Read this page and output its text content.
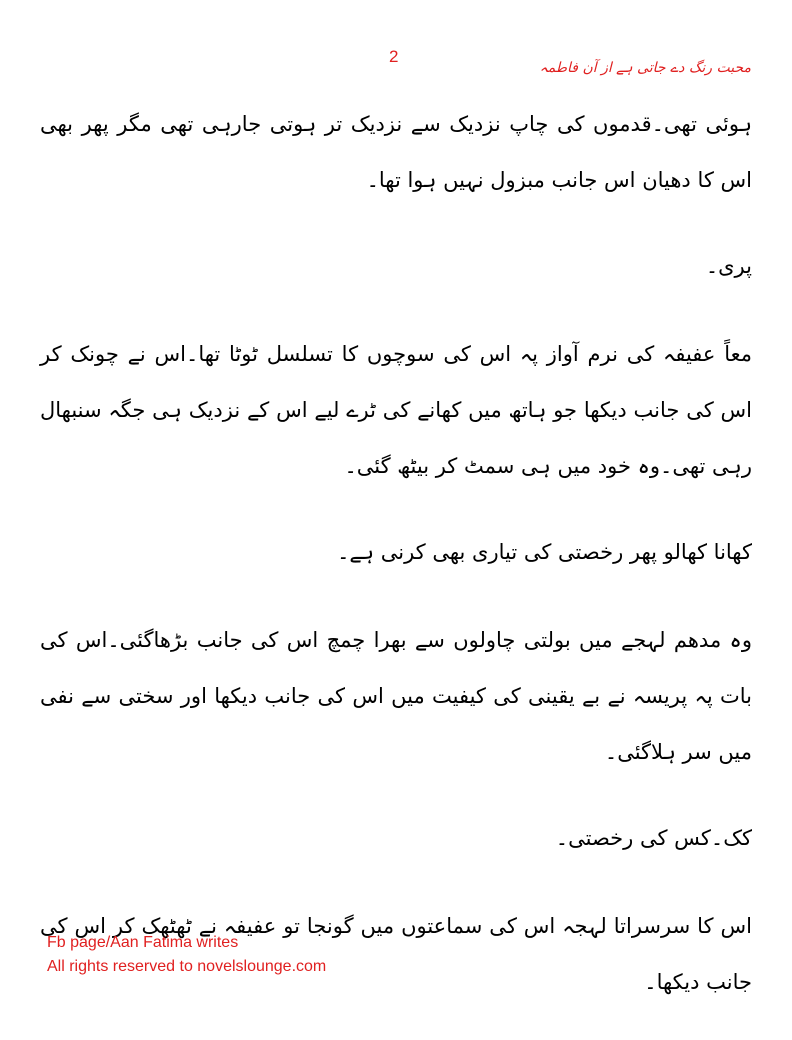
2
محبت رنگ دے جاتی ہے از آن فاطمہ

ہوئی تھی۔قدموں کی چاپ نزدیک سے نزدیک تر ہوتی جارہی تھی مگر پھر بھی اس کا دھیان اس جانب مبزول نہیں ہوا تھا۔

پری۔

معاً عفیفہ کی نرم آواز پہ اس کی سوچوں کا تسلسل ٹوٹا تھا۔اس نے چونک کر اس کی جانب دیکھا جو ہاتھ میں کھانے کی ٹرے لیے اس کے نزدیک ہی جگہ سنبھال رہی تھی۔وہ خود میں ہی سمٹ کر بیٹھ گئی۔

کھانا کھالو پھر رخصتی کی تیاری بھی کرنی ہے۔

وہ مدھم لہجے میں بولتی چاولوں سے بھرا چمچ اس کی جانب بڑھاگئی۔اس کی بات پہ پریسہ نے بے یقینی کی کیفیت میں اس کی جانب دیکھا اور سختی سے نفی میں سر ہلاگئی۔

کک۔کس کی رخصتی۔

اس کا سرسراتا لہجہ اس کی سماعتوں میں گونجا تو عفیفہ نے ٹھٹھک کر اس کی جانب دیکھا۔

Fb page/Aan Fatima writes
All rights reserved to novelslounge.com
